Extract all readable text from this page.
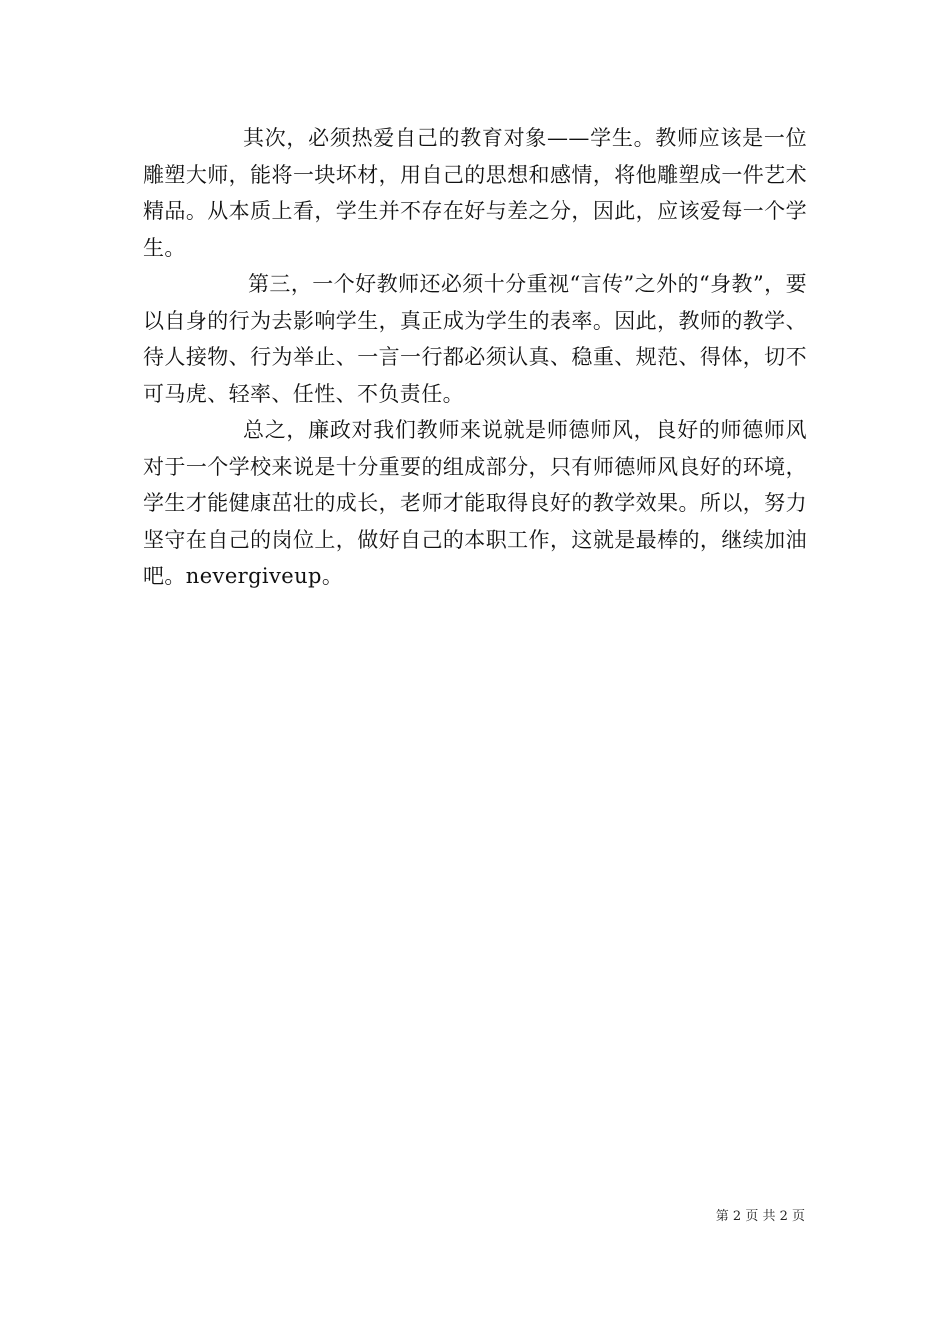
其次，必须热爱自己的教育对象——学生。教师应该是一位雕塑大师，能将一块坏材，用自己的思想和感情，将他雕塑成一件艺术精品。从本质上看，学生并不存在好与差之分，因此，应该爱每一个学生。

第三，一个好教师还必须十分重视“言传”之外的“身教”，要以自身的行为去影响学生，真正成为学生的表率。因此，教师的教学、待人接物、行为举止、一言一行都必须认真、稳重、规范、得体，切不可马虎、轻率、任性、不负责任。

总之，廉政对我们教师来说就是师德师风，良好的师德师风对于一个学校来说是十分重要的组成部分，只有师德师风良好的环境，学生才能健康茁壮的成长，老师才能取得良好的教学效果。所以，努力坚守在自己的岗位上，做好自己的本职工作，这就是最棒的，继续加油吧。nevergiveup。

第 2 页 共 2 页
